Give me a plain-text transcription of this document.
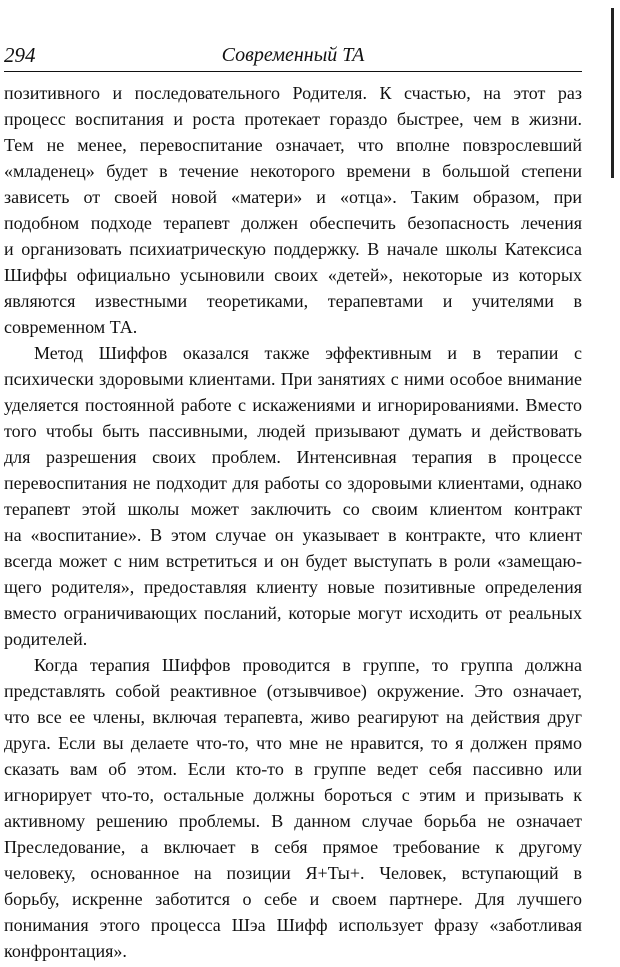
294	Современный ТА
позитивного и последовательного Родителя. К счастью, на этот раз
процесс воспитания и роста протекает гораздо быстрее, чем в жизни.
Тем не менее, перевоспитание означает, что вполне повзрослевший
«младенец» будет в течение некоторого времени в большой степени
зависеть от своей новой «матери» и «отца». Таким образом, при
подобном подходе терапевт должен обеспечить безопасность лечения
и организовать психиатрическую поддержку. В начале школы Катексиса
Шиффы официально усыновили своих «детей», некоторые из которых
являются известными теоретиками, терапевтами и учителями в
современном ТА.
Метод Шиффов оказался также эффективным и в терапии с
психически здоровыми клиентами. При занятиях с ними особое внимание
уделяется постоянной работе с искажениями и игнорированиями. Вместо
того чтобы быть пассивными, людей призывают думать и действовать
для разрешения своих проблем. Интенсивная терапия в процессе
перевоспитания не подходит для работы со здоровыми клиентами, однако
терапевт этой школы может заключить со своим клиентом контракт
на «воспитание». В этом случае он указывает в контракте, что клиент
всегда может с ним встретиться и он будет выступать в роли «замещаю-
щего родителя», предоставляя клиенту новые позитивные определения
вместо ограничивающих посланий, которые могут исходить от реальных
родителей.
Когда терапия Шиффов проводится в группе, то группа должна
представлять собой реактивное (отзывчивое) окружение. Это означает,
что все ее члены, включая терапевта, живо реагируют на действия друг
друга. Если вы делаете что-то, что мне не нравится, то я должен прямо
сказать вам об этом. Если кто-то в группе ведет себя пассивно или
игнорирует что-то, остальные должны бороться с этим и призывать к
активному решению проблемы. В данном случае борьба не означает
Преследование, а включает в себя прямое требование к другому
человеку, основанное на позиции Я+Ты+. Человек, вступающий в
борьбу, искренне заботится о себе и своем партнере. Для лучшего
понимания этого процесса Шэа Шифф использует фразу «заботливая
конфронтация».
